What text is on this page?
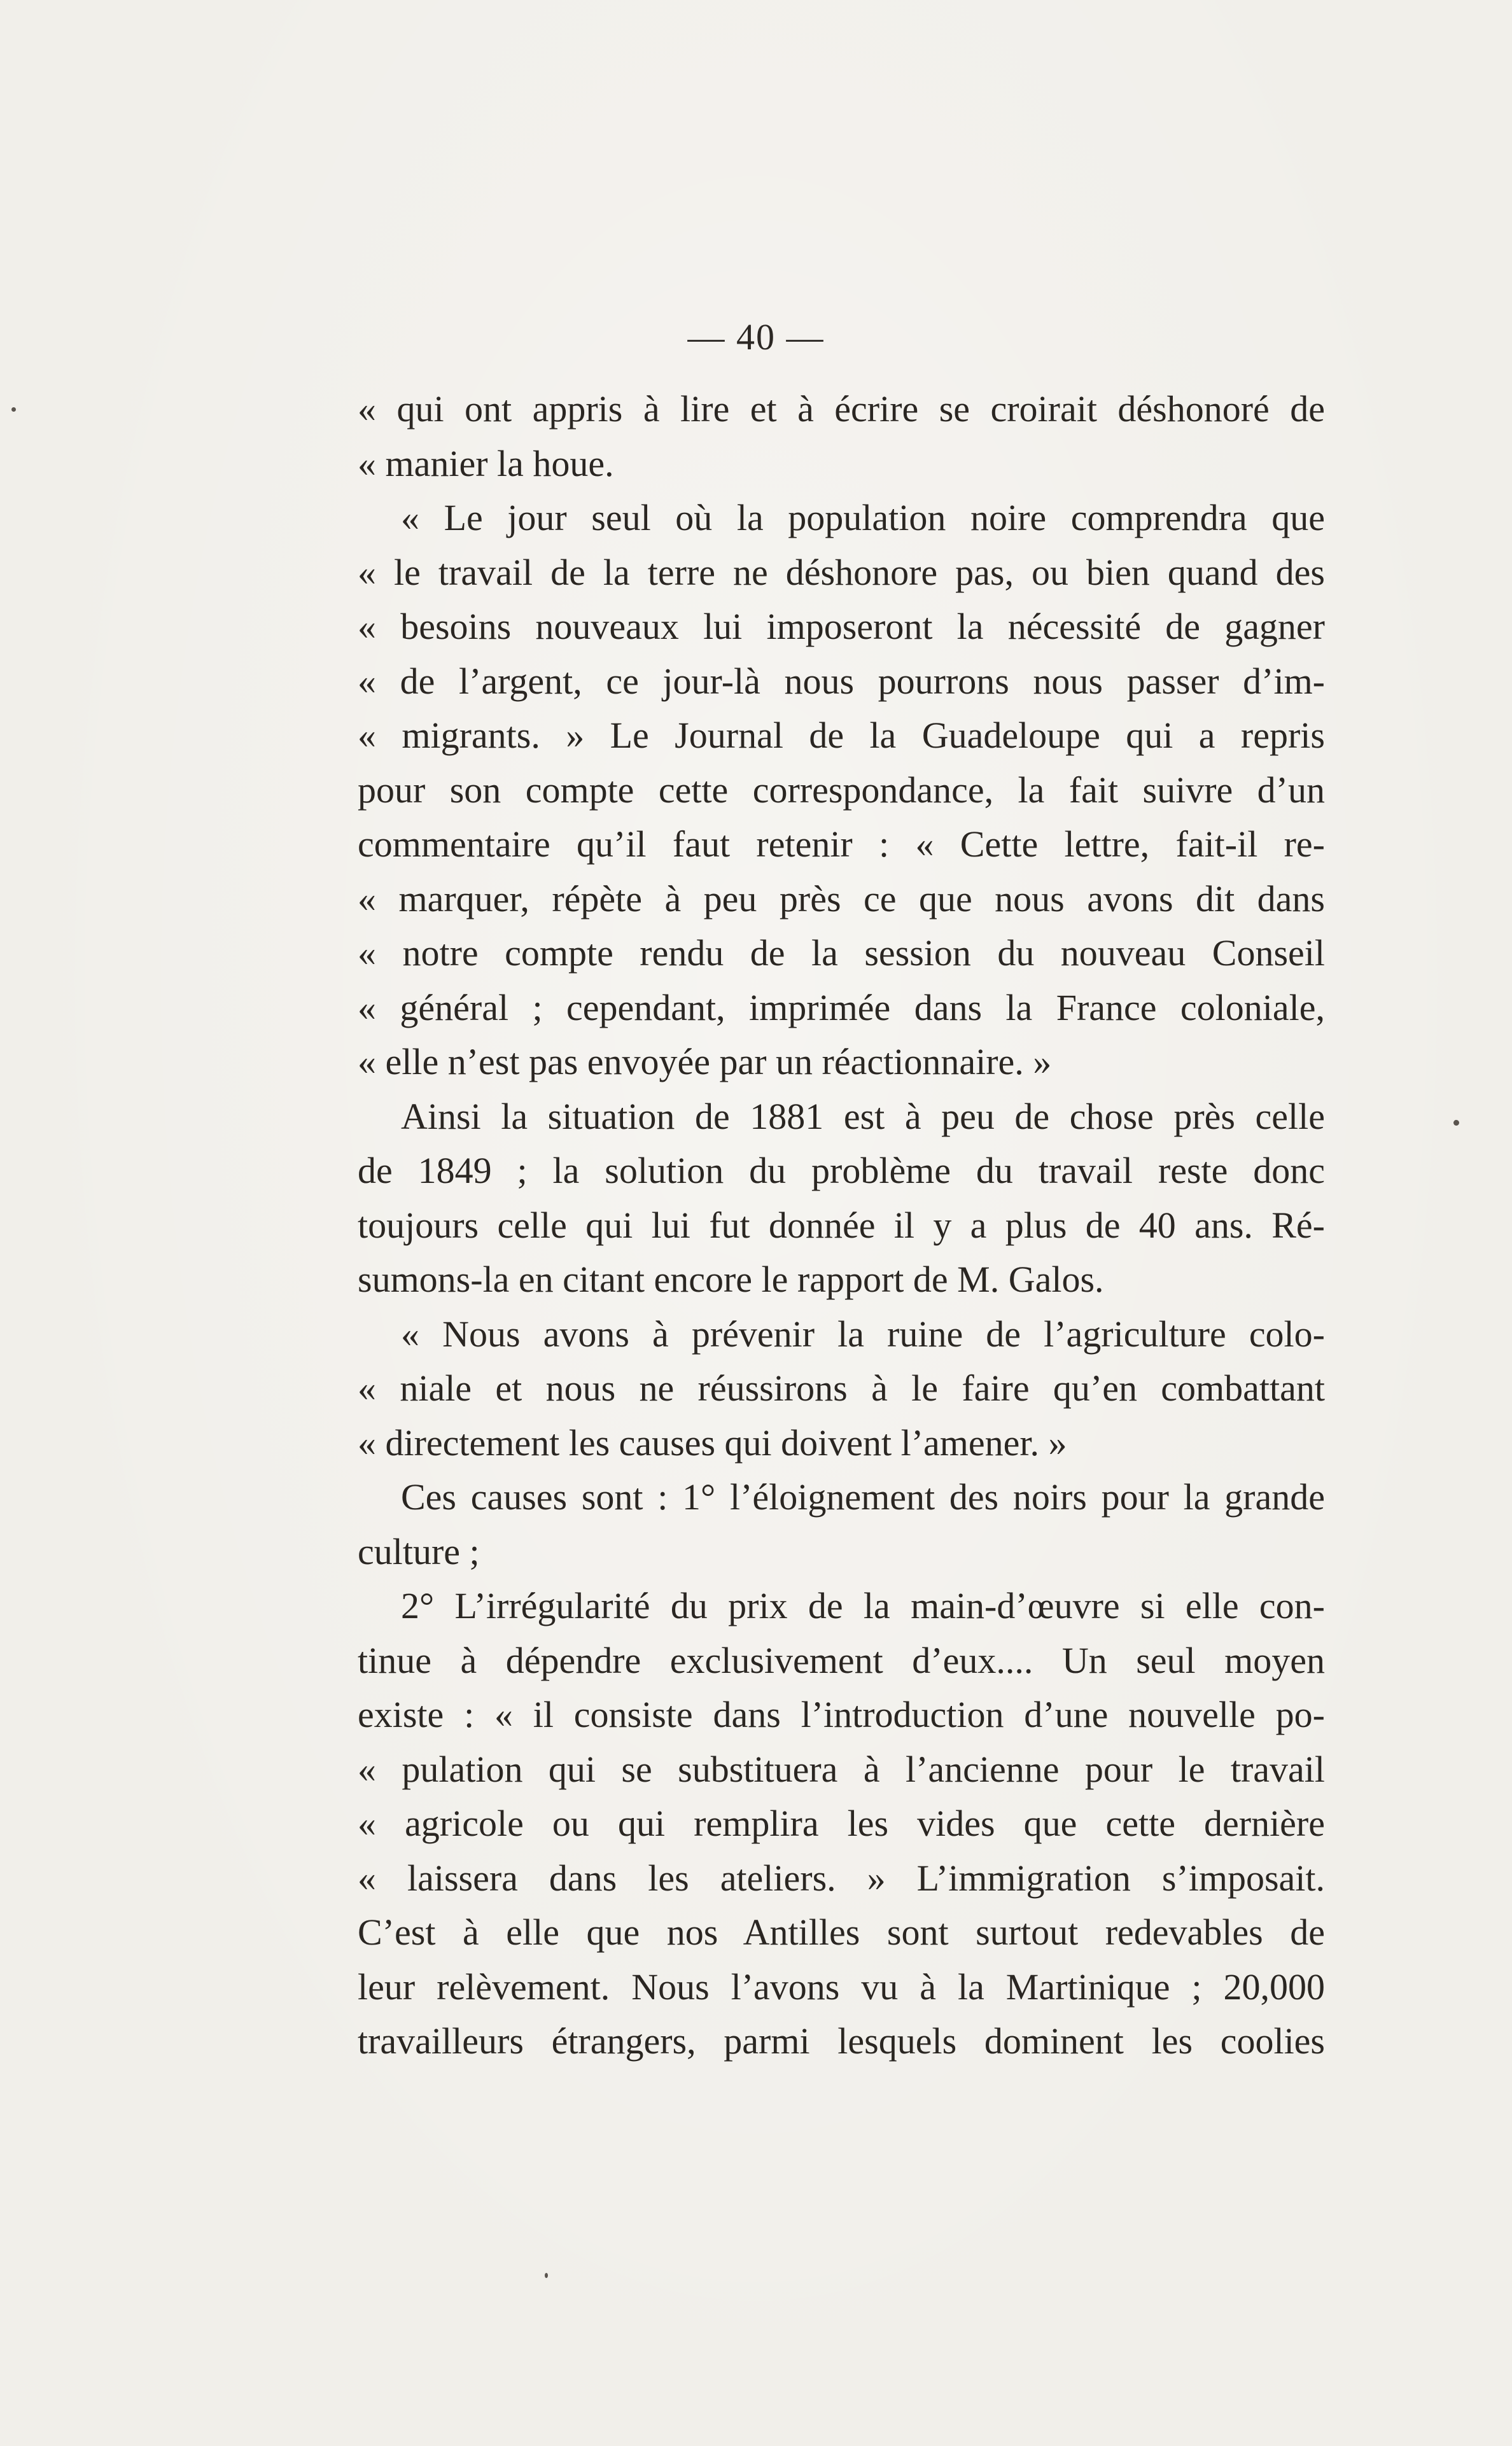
— 40 —
« qui ont appris à lire et à écrire se croirait déshonoré de
« manier la houe.
« Le jour seul où la population noire comprendra que
« le travail de la terre ne déshonore pas, ou bien quand des
« besoins nouveaux lui imposeront la nécessité de gagner
« de l’argent, ce jour-là nous pourrons nous passer d’im-
« migrants. » Le Journal de la Guadeloupe qui a repris
pour son compte cette correspondance, la fait suivre d’un
commentaire qu’il faut retenir : « Cette lettre, fait-il re-
« marquer, répète à peu près ce que nous avons dit dans
« notre compte rendu de la session du nouveau Conseil
« général ; cependant, imprimée dans la France coloniale,
« elle n’est pas envoyée par un réactionnaire. »
Ainsi la situation de 1881 est à peu de chose près celle
de 1849 ; la solution du problème du travail reste donc
toujours celle qui lui fut donnée il y a plus de 40 ans. Ré-
sumons-la en citant encore le rapport de M. Galos.
« Nous avons à prévenir la ruine de l’agriculture colo-
« niale et nous ne réussirons à le faire qu’en combattant
« directement les causes qui doivent l’amener. »
Ces causes sont : 1° l’éloignement des noirs pour la grande
culture ;
2° L’irrégularité du prix de la main-d’œuvre si elle con-
tinue à dépendre exclusivement d’eux.... Un seul moyen
existe : « il consiste dans l’introduction d’une nouvelle po-
« pulation qui se substituera à l’ancienne pour le travail
« agricole ou qui remplira les vides que cette dernière
« laissera dans les ateliers. » L’immigration s’imposait.
C’est à elle que nos Antilles sont surtout redevables de
leur relèvement. Nous l’avons vu à la Martinique ; 20,000
travailleurs étrangers, parmi lesquels dominent les coolies
